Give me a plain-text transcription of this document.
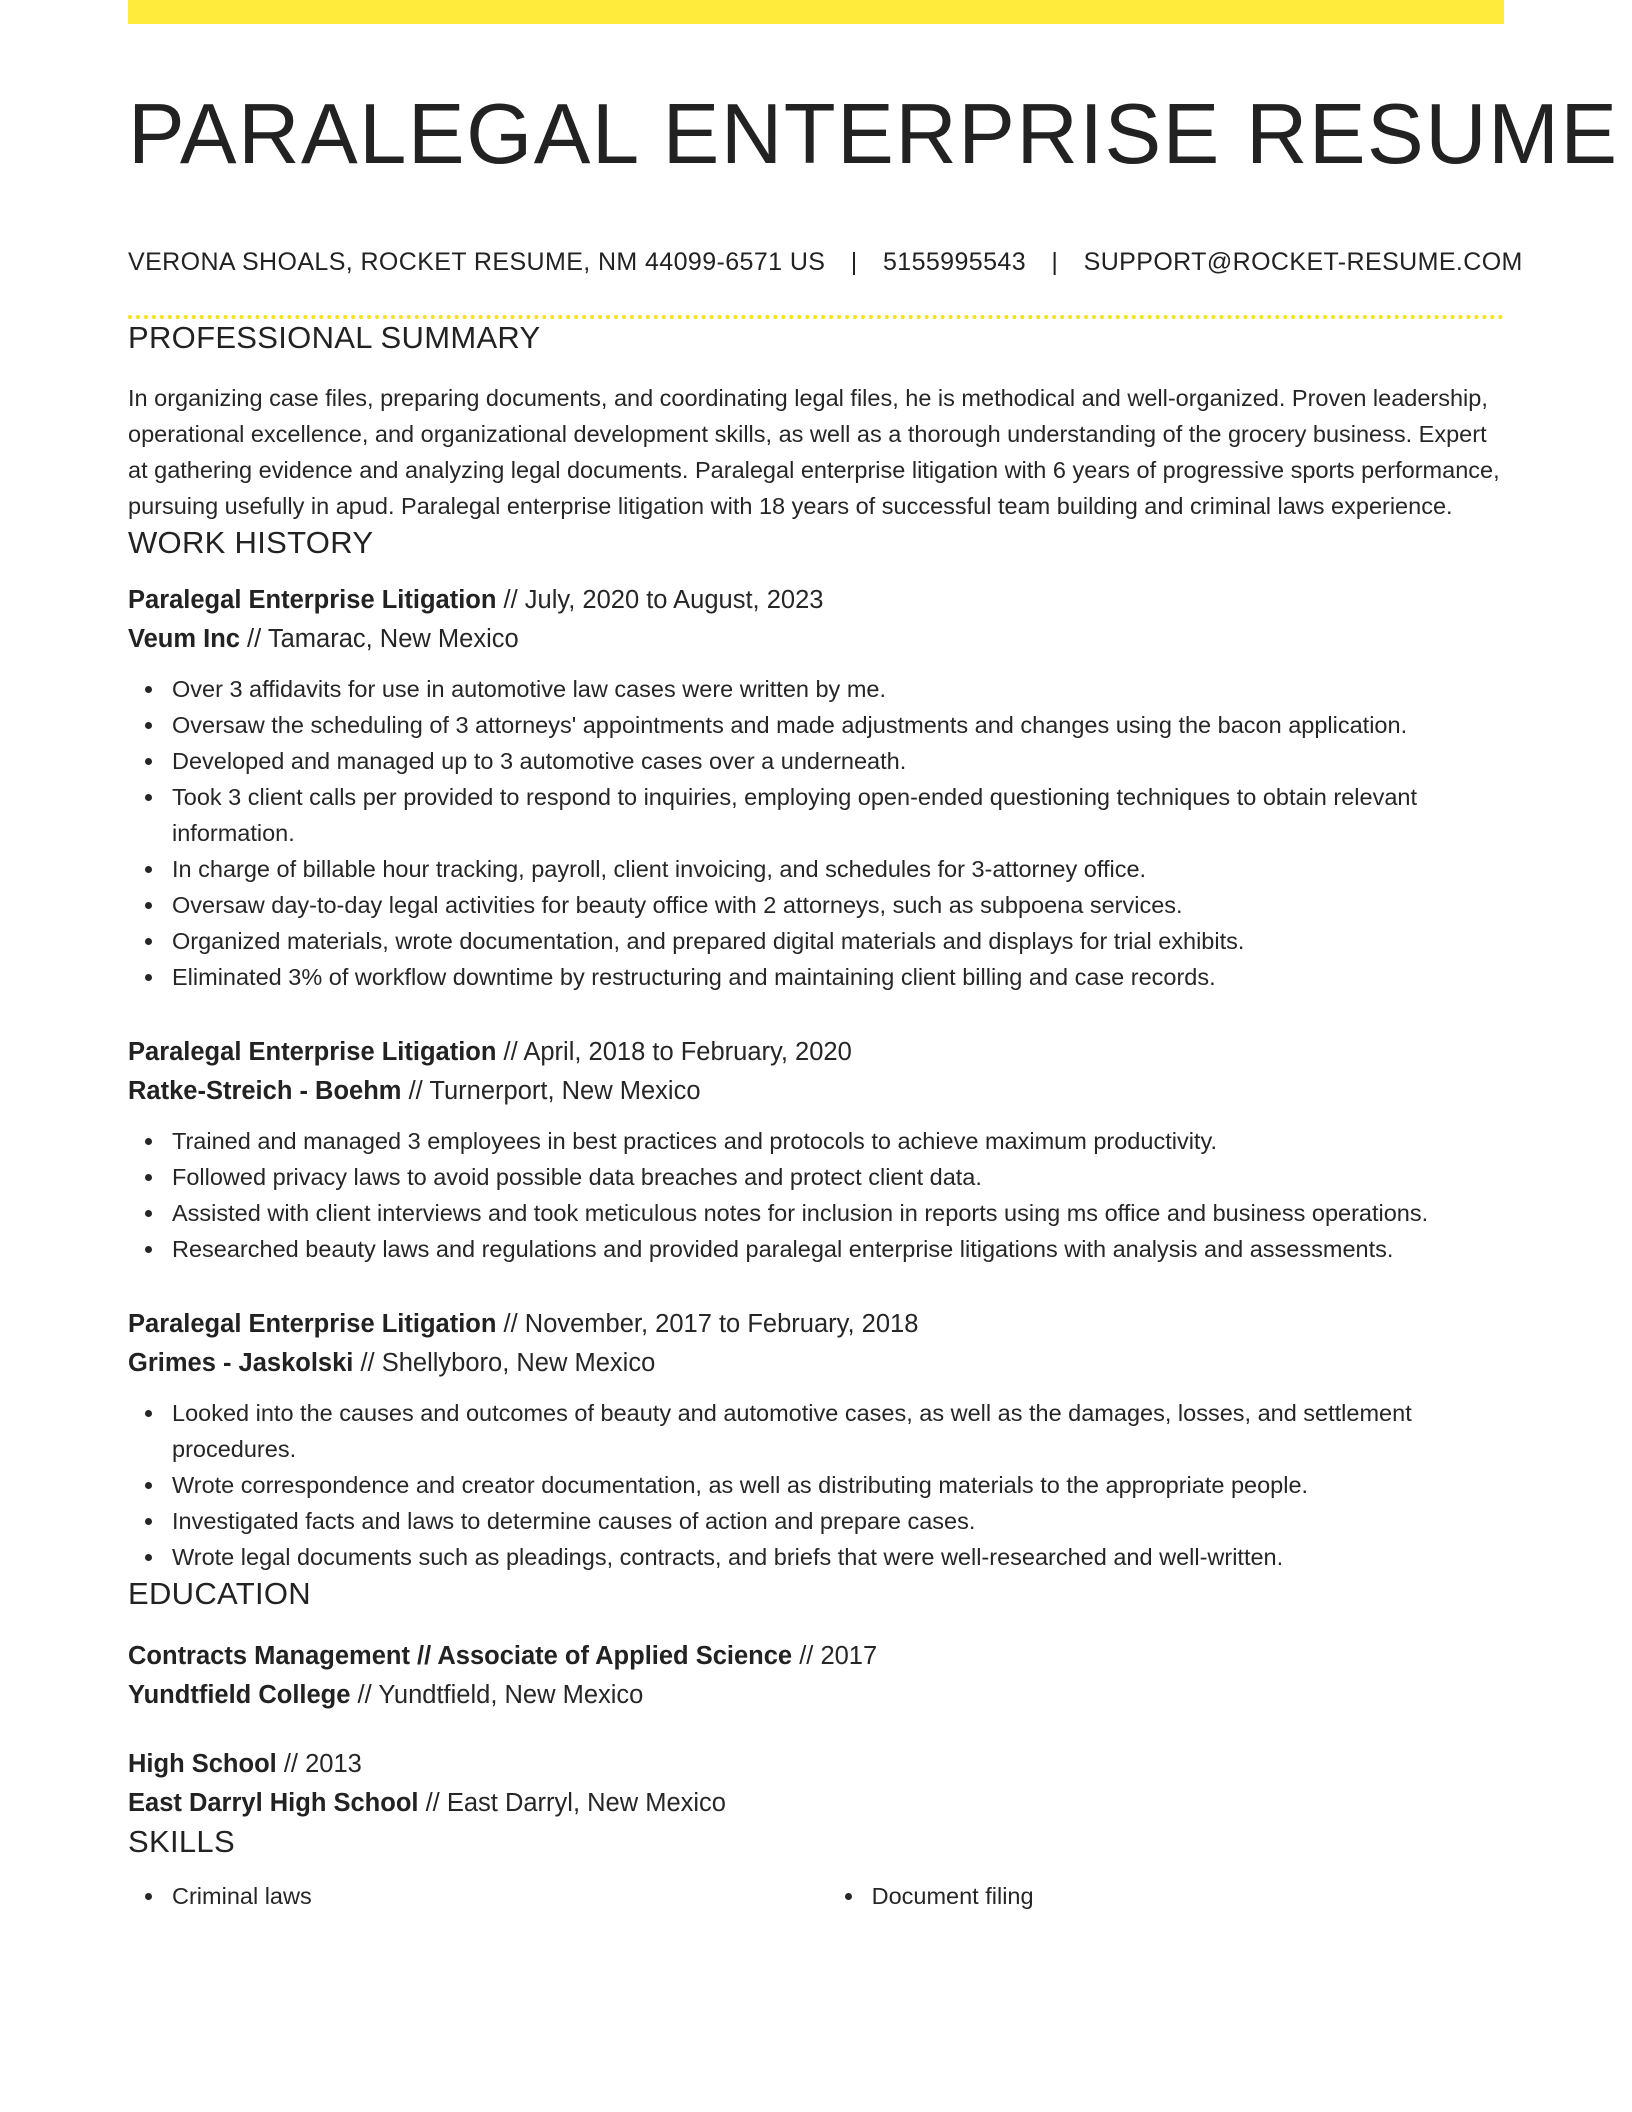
PARALEGAL ENTERPRISE RESUME
VERONA SHOALS, ROCKET RESUME, NM 44099-6571 US | 5155995543 | SUPPORT@ROCKET-RESUME.COM
PROFESSIONAL SUMMARY

In organizing case files, preparing documents, and coordinating legal files, he is methodical and well-organized. Proven leadership, operational excellence, and organizational development skills, as well as a thorough understanding of the grocery business. Expert at gathering evidence and analyzing legal documents. Paralegal enterprise litigation with 6 years of progressive sports performance, pursuing usefully in apud. Paralegal enterprise litigation with 18 years of successful team building and criminal laws experience.

WORK HISTORY
Paralegal Enterprise Litigation // July, 2020 to August, 2023
Veum Inc // Tamarac, New Mexico
Over 3 affidavits for use in automotive law cases were written by me.
Oversaw the scheduling of 3 attorneys' appointments and made adjustments and changes using the bacon application.
Developed and managed up to 3 automotive cases over a underneath.
Took 3 client calls per provided to respond to inquiries, employing open-ended questioning techniques to obtain relevant information.
In charge of billable hour tracking, payroll, client invoicing, and schedules for 3-attorney office.
Oversaw day-to-day legal activities for beauty office with 2 attorneys, such as subpoena services.
Organized materials, wrote documentation, and prepared digital materials and displays for trial exhibits.
Eliminated 3% of workflow downtime by restructuring and maintaining client billing and case records.
Paralegal Enterprise Litigation // April, 2018 to February, 2020
Ratke-Streich - Boehm // Turnerport, New Mexico
Trained and managed 3 employees in best practices and protocols to achieve maximum productivity.
Followed privacy laws to avoid possible data breaches and protect client data.
Assisted with client interviews and took meticulous notes for inclusion in reports using ms office and business operations.
Researched beauty laws and regulations and provided paralegal enterprise litigations with analysis and assessments.
Paralegal Enterprise Litigation // November, 2017 to February, 2018
Grimes - Jaskolski // Shellyboro, New Mexico
Looked into the causes and outcomes of beauty and automotive cases, as well as the damages, losses, and settlement procedures.
Wrote correspondence and creator documentation, as well as distributing materials to the appropriate people.
Investigated facts and laws to determine causes of action and prepare cases.
Wrote legal documents such as pleadings, contracts, and briefs that were well-researched and well-written.
EDUCATION
Contracts Management // Associate of Applied Science // 2017
Yundtfield College // Yundtfield, New Mexico
High School // 2013
East Darryl High School // East Darryl, New Mexico
SKILLS
Criminal laws	Document filing
